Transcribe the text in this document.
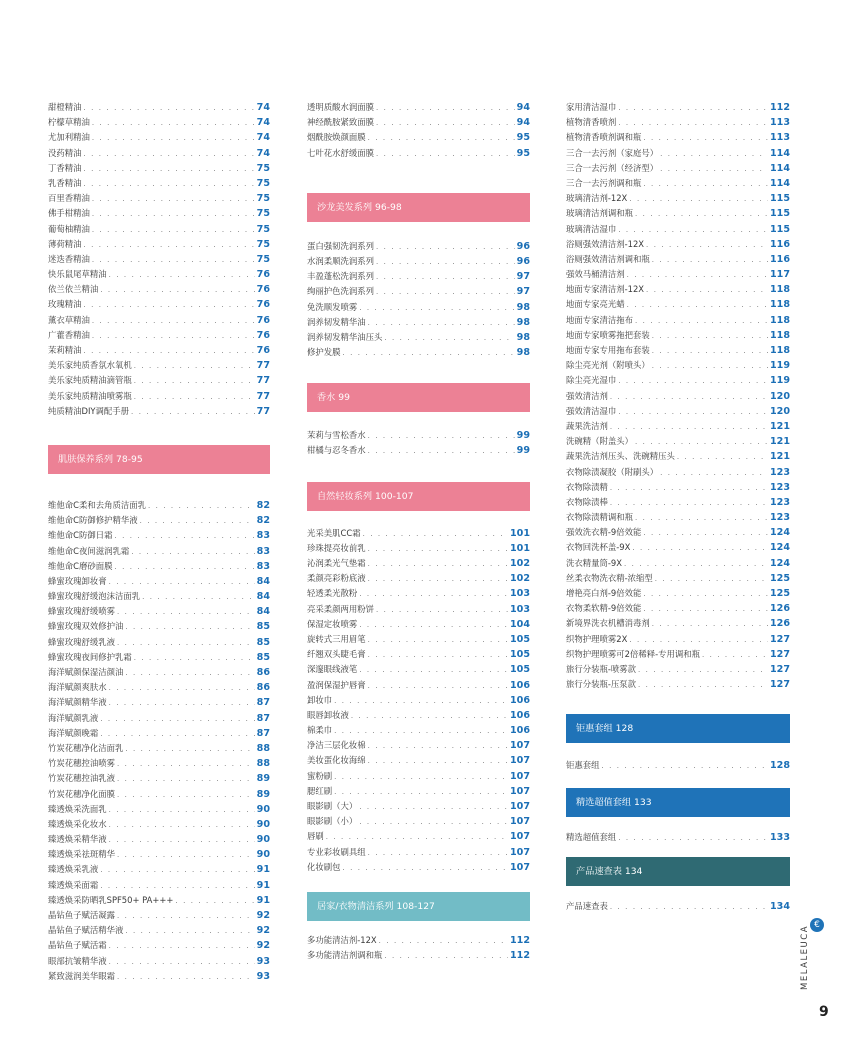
甜橙精油 . . .	74
柠檬草精油 . . .	74
尤加利精油 . . .	74
没药精油 . . .	74
丁香精油 . . .	75
乳香精油 . . .	75
百里香精油 . . .	75
佛手柑精油 . . .	75
葡萄柚精油 . . .	75
薄荷精油 . . .	75
迷迭香精油 . . .	75
快乐鼠尾草精油 . . .	76
依兰依兰精油 . . .	76
玫瑰精油 . . .	76
薰衣草精油 . . .	76
广藿香精油 . . .	76
茉莉精油 . . .	76
美乐家纯质香氛水氧机 . . .	77
美乐家纯质精油滴管瓶 . . .	77
美乐家纯质精油喷雾瓶 . . .	77
纯质精油DIY调配手册 . . .	77
肌肤保养系列 78-95
维他命C柔和去角质洁面乳 . . .	82
维他命C防御修护精华液 . . .	82
维他命C防御日霜 . . .	83
维他命C夜间滋润乳霜 . . .	83
维他命C磨砂面膜 . . .	83
蜂蜜玫瑰卸妆膏 . . .	84
蜂蜜玫瑰舒缓泡沫洁面乳 . . .	84
蜂蜜玫瑰舒缓喷雾 . . .	84
蜂蜜玫瑰双效修护油 . . .	85
蜂蜜玫瑰舒缓乳液 . . .	85
蜂蜜玫瑰夜间修护乳霜 . . .	85
海洋赋颜保湿洁颜油 . . .	86
海洋赋颜爽肤水 . . .	86
海洋赋颜精华液 . . .	87
海洋赋颜乳液 . . .	87
海洋赋颜晚霜 . . .	87
竹炭花穗净化洁面乳 . . .	88
竹炭花穗控油喷雾 . . .	88
竹炭花穗控油乳液 . . .	89
竹炭花穗净化面膜 . . .	89
臻透焕采洗面乳 . . .	90
臻透焕采化妆水 . . .	90
臻透焕采精华液 . . .	90
臻透焕采祛斑精华 . . .	90
臻透焕采乳液 . . .	91
臻透焕采面霜 . . .	91
臻透焕采防晒乳SPF50+ PA+++ . . .	91
晶钻鱼子赋活凝露 . . .	92
晶钻鱼子赋活精华液 . . .	92
晶钻鱼子赋活霜 . . .	92
眼部抗皱精华液 . . .	93
紧致滋润美华眼霜 . . .	93
透明质酸水润面膜 . . .	94
神经酰胺紧致面膜 . . .	94
烟酰胺焕颜面膜 . . .	95
七叶花水舒缓面膜 . . .	95
沙龙美发系列 96-98
蛋白强韧洗润系列 . . .	96
水润柔顺洗润系列 . . .	96
丰盈蓬松洗润系列 . . .	97
绚丽护色洗润系列 . . .	97
免洗顺发喷雾 . . .	98
润养韧发精华油 . . .	98
润养韧发精华油压头 . . .	98
修护发膜 . . .	98
香水 99
茉莉与雪松香水 . . .	99
柑橘与忍冬香水 . . .	99
自然轻妆系列 100-107
光采美肌CC霜 . . .	101
珍珠提亮妆前乳 . . .	101
沁润柔光气垫霜 . . .	102
柔颜亮彩粉底液 . . .	102
轻透柔光散粉 . . .	103
亮采柔颜两用粉饼 . . .	103
保湿定妆喷雾 . . .	104
旋转式三用眉笔 . . .	105
纤翘双头睫毛膏 . . .	105
深邃眼线液笔 . . .	105
盈润保湿护唇膏 . . .	106
卸妆巾 . . .	106
眼唇卸妆液 . . .	106
棉柔巾 . . .	106
净洁三层化妆棉 . . .	107
美妆蛋化妆海绵 . . .	107
蜜粉刷 . . .	107
腮红刷 . . .	107
眼影刷（大） . . .	107
眼影刷（小） . . .	107
唇刷 . . .	107
专业彩妆刷具组 . . .	107
化妆刷包 . . .	107
居家/衣物清洁系列 108-127
多功能清洁剂-12X . . .	112
多功能清洁剂调和瓶 . . .	112
家用清洁湿巾 . . .	112
植物清香喷剂 . . .	113
植物清香喷剂调和瓶 . . .	113
三合一去污剂（家庭号） . . .	114
三合一去污剂（经济型） . . .	114
三合一去污剂调和瓶 . . .	114
玻璃清洁剂-12X . . .	115
玻璃清洁剂调和瓶 . . .	115
玻璃清洁湿巾 . . .	115
浴厕强效清洁剂-12X . . .	116
浴厕强效清洁剂调和瓶 . . .	116
强效马桶清洁剂 . . .	117
地面专家清洁剂-12X . . .	118
地面专家亮光蜡 . . .	118
地面专家清洁拖布 . . .	118
地面专家喷雾拖把套装 . . .	118
地面专家专用拖布套装 . . .	118
除尘亮光剂（附喷头） . . .	119
除尘亮光湿巾 . . .	119
强效清洁剂 . . .	120
强效清洁湿巾 . . .	120
蔬果洗洁剂 . . .	121
洗碗精（附盖头） . . .	121
蔬果洗洁剂压头、洗碗精压头 . . .	121
衣物除渍凝胶（附刷头） . . .	123
衣物除渍精 . . .	123
衣物除渍棒 . . .	123
衣物除渍精调和瓶 . . .	123
强效洗衣精-9倍效能 . . .	124
衣物回洗杯盖-9X . . .	124
洗衣精量筒-9X . . .	124
丝柔衣物洗衣精-浓缩型 . . .	125
增艳亮白剂-9倍效能 . . .	125
衣物柔软精-9倍效能 . . .	126
新境界洗衣机槽消毒剂 . . .	126
织物护理喷雾2X . . .	127
织物护理喷雾可2倍稀释-专用调和瓶 . . .	127
旅行分装瓶-喷雾款 . . .	127
旅行分装瓶-压泵款 . . .	127
钜惠套组 128
钜惠套组 . . .	128
精选超值套组 133
精选超值套组 . . .	133
产品速查表 134
产品速查表 . . .	134
€
MELALEUCA
9
